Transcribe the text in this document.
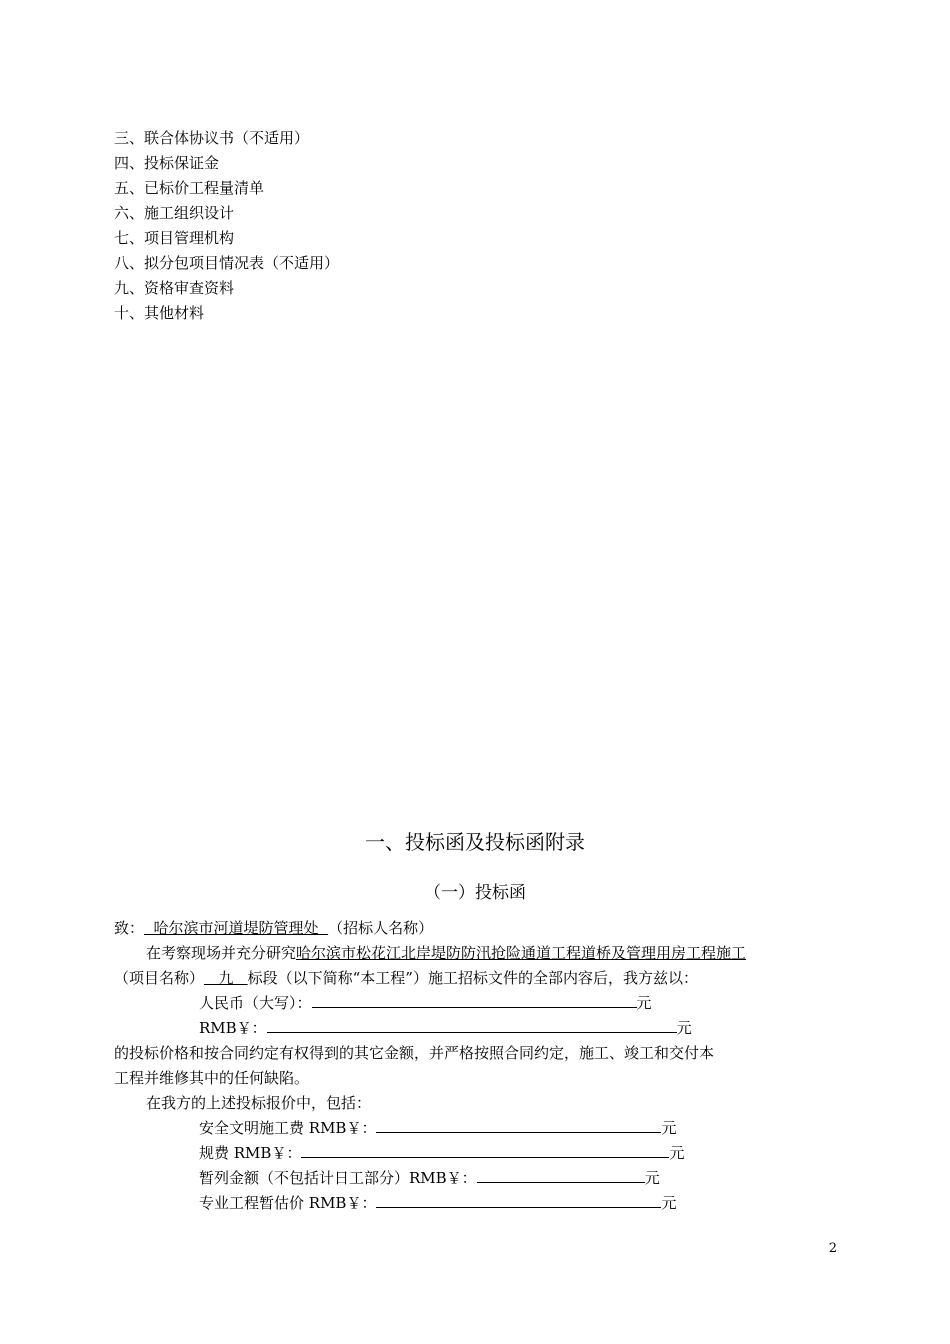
三、联合体协议书（不适用）
四、投标保证金
五、已标价工程量清单
六、施工组织设计
七、项目管理机构
八、拟分包项目情况表（不适用）
九、资格审查资料
十、其他材料
一、投标函及投标函附录
（一）投标函
致：  哈尔滨市河道堤防管理处  （招标人名称）
在考察现场并充分研究哈尔滨市松花江北岸堤防防汛抢险通道工程道桥及管理用房工程施工
（项目名称）   九   标段（以下简称“本工程”）施工招标文件的全部内容后，我方兹以：
人民币（大写）：	元
RMB￥：	元
的投标价格和按合同约定有权得到的其它金额，并严格按照合同约定，施工、竣工和交付本
工程并维修其中的任何缺陷。
在我方的上述投标报价中，包括：
安全文明施工费 RMB￥：	元
规费 RMB￥：	元
暂列金额（不包括计日工部分）RMB￥：	元
专业工程暂估价 RMB￥：	元
2
